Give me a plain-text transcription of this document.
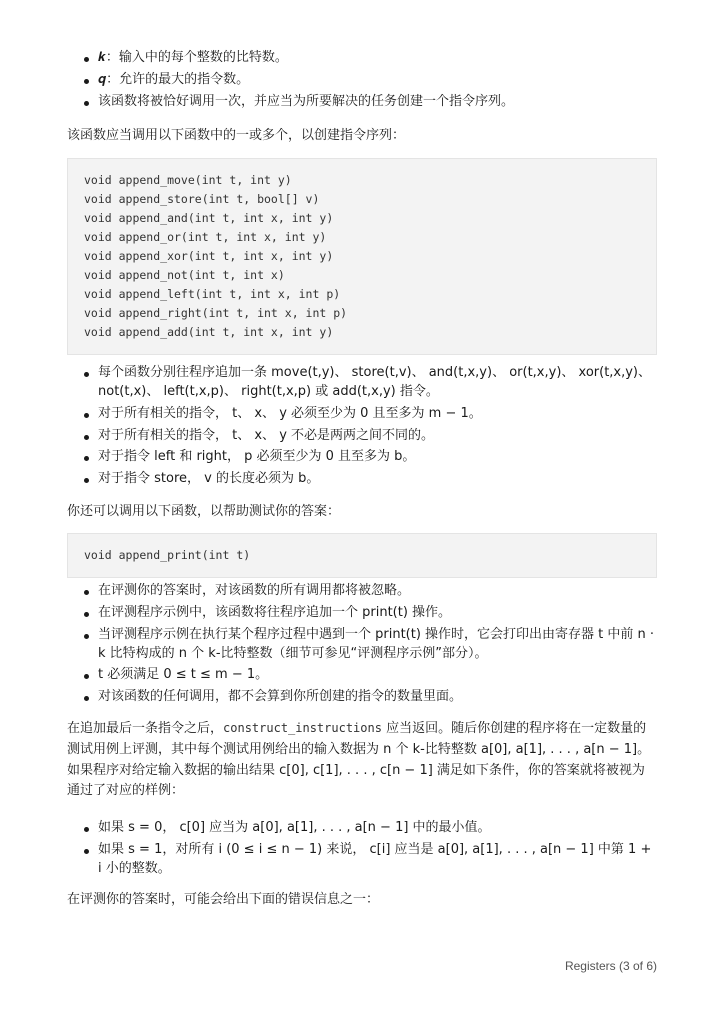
𝒌：输入中的每个整数的比特数。
𝒒：允许的最大的指令数。
该函数将被恰好调用一次，并应当为所要解决的任务创建一个指令序列。

该函数应当调用以下函数中的一或多个，以创建指令序列：

void append_move(int t, int y)
void append_store(int t, bool[] v)
void append_and(int t, int x, int y)
void append_or(int t, int x, int y)
void append_xor(int t, int x, int y)
void append_not(int t, int x)
void append_left(int t, int x, int p)
void append_right(int t, int x, int p)
void append_add(int t, int x, int y)
每个函数分别往程序追加一条 move(t,y)、 store(t,v)、 and(t,x,y)、 or(t,x,y)、 xor(t,x,y)、 not(t,x)、 left(t,x,p)、 right(t,x,p) 或 add(t,x,y) 指令。
对于所有相关的指令， t、 x、 y 必须至少为 0 且至多为 m − 1。
对于所有相关的指令， t、 x、 y 不必是两两之间不同的。
对于指令 left 和 right， p 必须至少为 0 且至多为 b。
对于指令 store， v 的长度必须为 b。

你还可以调用以下函数，以帮助测试你的答案：

void append_print(int t)
在评测你的答案时，对该函数的所有调用都将被忽略。
在评测程序示例中，该函数将往程序追加一个 print(t) 操作。
当评测程序示例在执行某个程序过程中遇到一个 print(t) 操作时，它会打印出由寄存器 t 中前 n · k 比特构成的 n 个 k-比特整数（细节可参见“评测程序示例”部分）。
t 必须满足 0 ≤ t ≤ m − 1。
对该函数的任何调用，都不会算到你所创建的指令的数量里面。

在追加最后一条指令之后，construct_instructions 应当返回。随后你创建的程序将在一定数量的测试用例上评测，其中每个测试用例给出的输入数据为 n 个 k-比特整数 a[0], a[1], . . . , a[n − 1]。如果程序对给定输入数据的输出结果 c[0], c[1], . . . , c[n − 1] 满足如下条件，你的答案就将被视为通过了对应的样例：

如果 s = 0， c[0] 应当为 a[0], a[1], . . . , a[n − 1] 中的最小值。
如果 s = 1，对所有 i (0 ≤ i ≤ n − 1) 来说， c[i] 应当是 a[0], a[1], . . . , a[n − 1] 中第 1 + i 小的整数。

在评测你的答案时，可能会给出下面的错误信息之一：

Registers (3 of 6)
